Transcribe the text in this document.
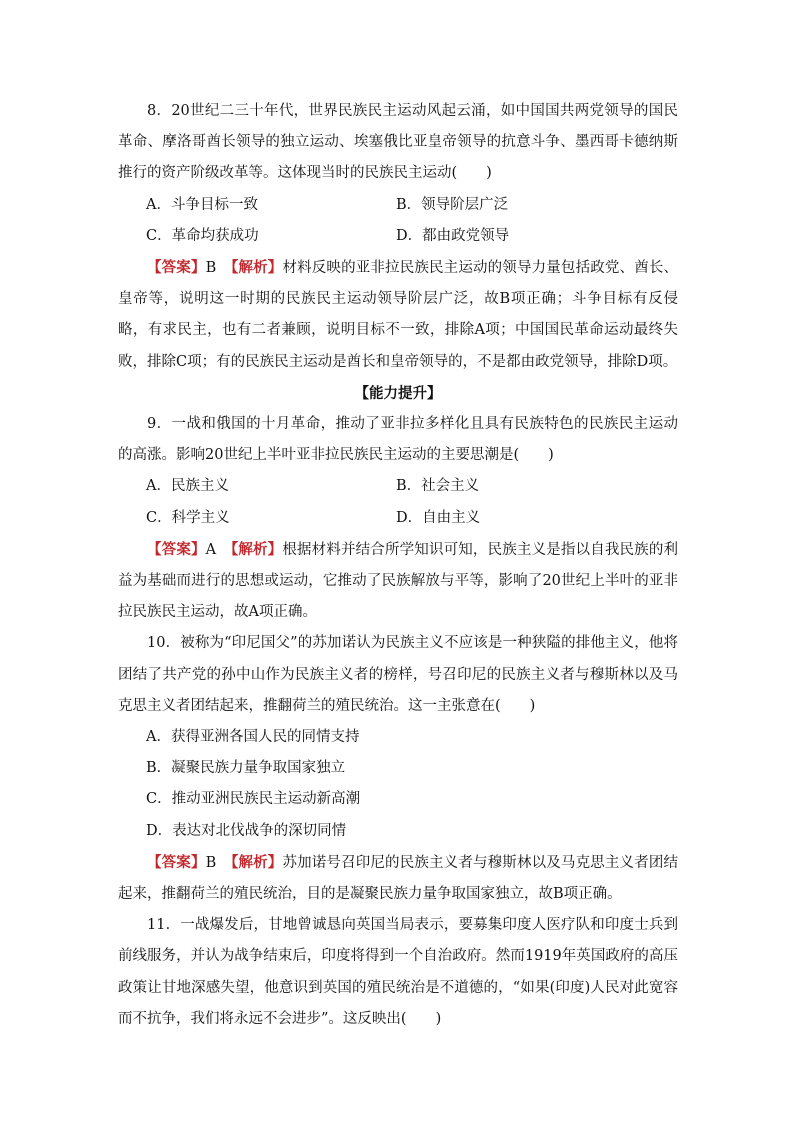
8．20世纪二三十年代，世界民族民主运动风起云涌，如中国国共两党领导的国民革命、摩洛哥酋长领导的独立运动、埃塞俄比亚皇帝领导的抗意斗争、墨西哥卡德纳斯推行的资产阶级改革等。这体现当时的民族民主运动(　　)

A．斗争目标一致	B．领导阶层广泛
C．革命均获成功	D．都由政党领导

【答案】B　 【解析】材料反映的亚非拉民族民主运动的领导力量包括政党、酋长、皇帝等，说明这一时期的民族民主运动领导阶层广泛，故B项正确；斗争目标有反侵略，有求民主，也有二者兼顾，说明目标不一致，排除A项；中国国民革命运动最终失败，排除C项；有的民族民主运动是酋长和皇帝领导的，不是都由政党领导，排除D项。

【能力提升】

9．一战和俄国的十月革命，推动了亚非拉多样化且具有民族特色的民族民主运动的高涨。影响20世纪上半叶亚非拉民族民主运动的主要思潮是(　　)

A．民族主义	B．社会主义
C．科学主义	D．自由主义

【答案】A　 【解析】根据材料并结合所学知识可知，民族主义是指以自我民族的利益为基础而进行的思想或运动，它推动了民族解放与平等，影响了20世纪上半叶的亚非拉民族民主运动，故A项正确。

10．被称为“印尼国父”的苏加诺认为民族主义不应该是一种狭隘的排他主义，他将团结了共产党的孙中山作为民族主义者的榜样，号召印尼的民族主义者与穆斯林以及马克思主义者团结起来，推翻荷兰的殖民统治。这一主张意在(　　)

A．获得亚洲各国人民的同情支持
B．凝聚民族力量争取国家独立
C．推动亚洲民族民主运动新高潮
D．表达对北伐战争的深切同情

【答案】B　 【解析】苏加诺号召印尼的民族主义者与穆斯林以及马克思主义者团结起来，推翻荷兰的殖民统治，目的是凝聚民族力量争取国家独立，故B项正确。

11．一战爆发后，甘地曾诚恳向英国当局表示，要募集印度人医疗队和印度士兵到前线服务，并认为战争结束后，印度将得到一个自治政府。然而1919年英国政府的高压政策让甘地深感失望，他意识到英国的殖民统治是不道德的，“如果(印度)人民对此宽容而不抗争，我们将永远不会进步”。这反映出(　　)
